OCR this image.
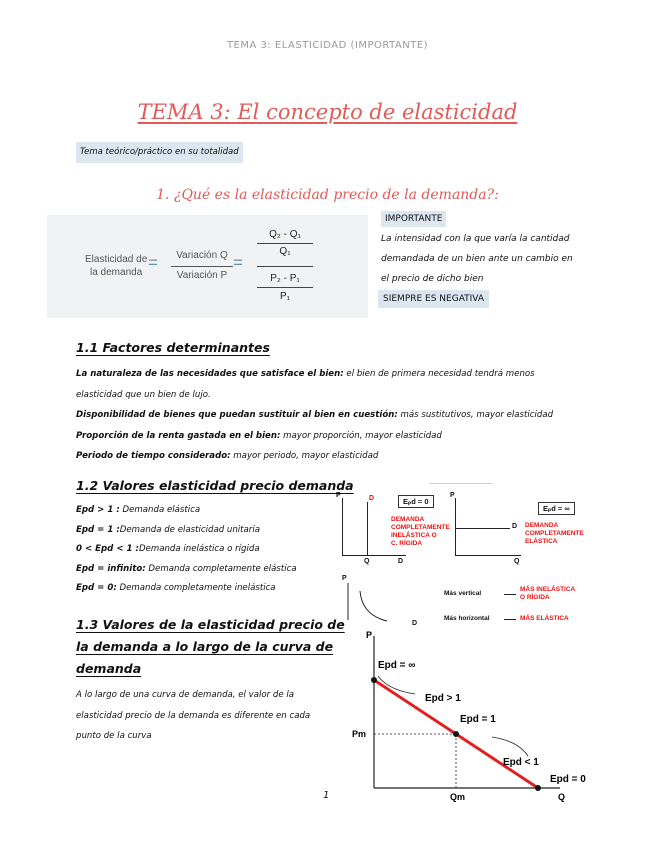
TEMA 3: ELASTICIDAD (IMPORTANTE)
TEMA 3: El concepto de elasticidad
Tema teórico/práctico en su totalidad
1. ¿Qué es la elasticidad precio de la demanda?:
Elasticidad de
la demanda
=	Variación Q
Variación P
=
Q₂ - Q₁
Q₁
P₂ - P₁
P₁
IMPORTANTE
La intensidad con la que varía la cantidad
demandada de un bien ante un cambio en
el precio de dicho bien
SIEMPRE ES NEGATIVA
1.1 Factores determinantes
La naturaleza de las necesidades que satisface el bien: el bien de primera necesidad tendrá menos
elasticidad que un bien de lujo.
Disponibilidad de bienes que puedan sustituir al bien en cuestión: más sustitutivos, mayor elasticidad
Proporción de la renta gastada en el bien: mayor proporción, mayor elasticidad
Periodo de tiempo considerado: mayor periodo, mayor elasticidad
1.2 Valores elasticidad precio demanda
Epd > 1 : Demanda elástica
Epd = 1 :Demanda de elasticidad unitaria
0 < Epd < 1 :Demanda inelástica o rígida
Epd = infinito: Demanda completamente elástica
Epd = 0: Demanda completamente inelástica
1.3 Valores de la elasticidad precio de
la demanda a lo largo de la curva de
demanda
A lo largo de una curva de demanda, el valor de la
elasticidad precio de la demanda es diferente en cada
punto de la curva
P
Q
D
D
Eₚd = 0
DEMANDA
COMPLETAMENTE
INELÁSTICA O
C. RÍGIDA
P
Q
D
Eₚd = ∞
DEMANDA
COMPLETAMENTE
ELÁSTICA
P
D
Más vertical
MÁS INELÁSTICA
O RÍGIDA
Más horizontal	MÁS ELÁSTICA
Epd = ∞
Epd > 1
Epd = 1
Epd < 1
Epd = 0
P
Q
Pm
Qm
1
